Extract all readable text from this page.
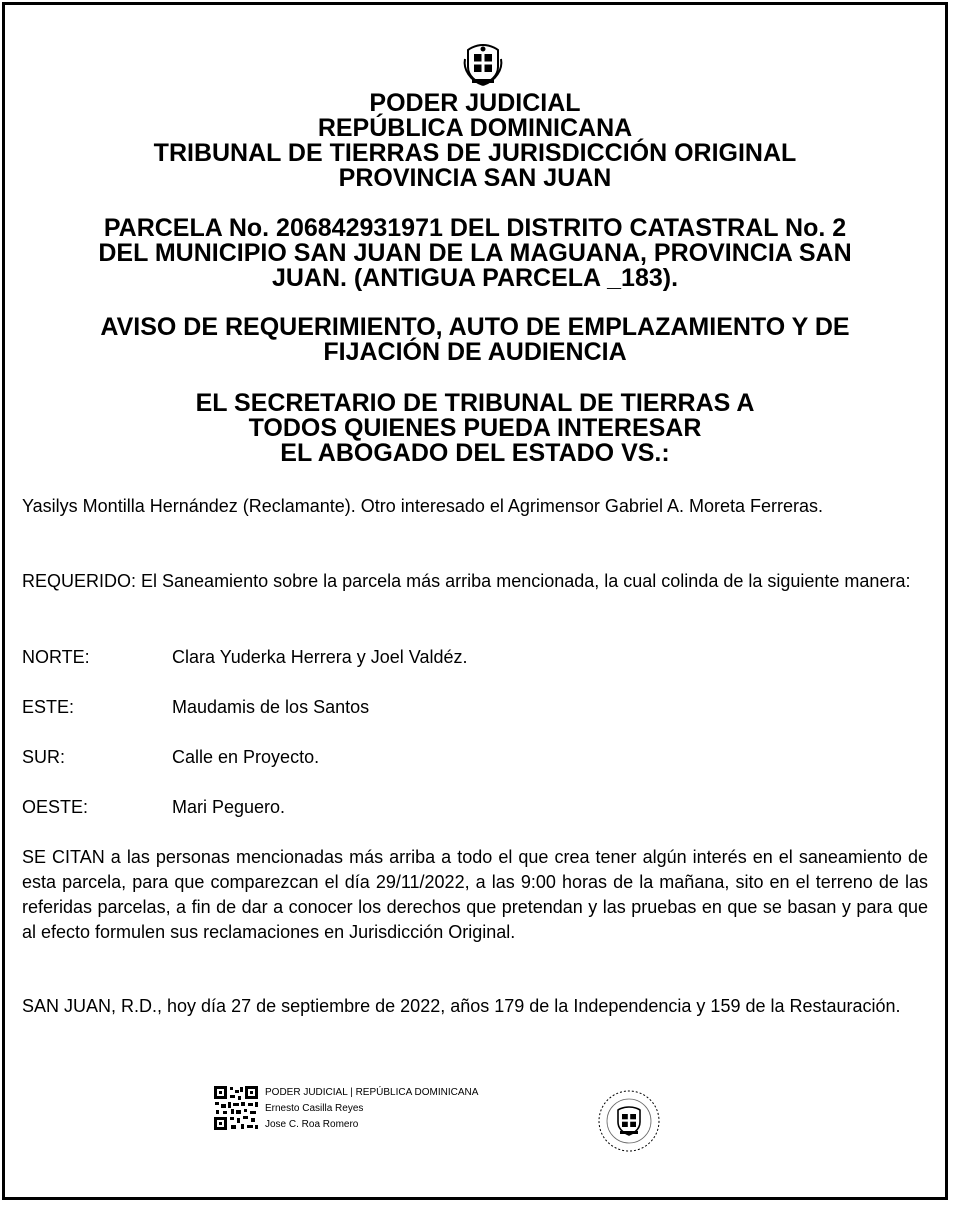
PODER JUDICIAL
REPÚBLICA DOMINICANA
TRIBUNAL DE TIERRAS DE JURISDICCIÓN ORIGINAL
PROVINCIA SAN JUAN
PARCELA No. 206842931971 DEL DISTRITO CATASTRAL No. 2
DEL MUNICIPIO SAN JUAN DE LA MAGUANA, PROVINCIA SAN
JUAN. (ANTIGUA PARCELA _183).
AVISO DE REQUERIMIENTO, AUTO DE EMPLAZAMIENTO Y DE
FIJACIÓN DE AUDIENCIA
EL SECRETARIO DE TRIBUNAL DE TIERRAS A
TODOS QUIENES PUEDA INTERESAR
EL ABOGADO DEL ESTADO VS.:
Yasilys Montilla Hernández (Reclamante). Otro interesado el Agrimensor Gabriel A. Moreta Ferreras.
REQUERIDO: El Saneamiento sobre la parcela más arriba mencionada, la cual colinda de la siguiente manera:
NORTE:	Clara Yuderka Herrera y Joel Valdéz.
ESTE:	Maudamis de los Santos
SUR:	Calle en Proyecto.
OESTE:	Mari Peguero.
SE CITAN a las personas mencionadas más arriba a todo el que crea tener algún interés en el saneamiento de esta parcela, para que comparezcan el día 29/11/2022, a las 9:00 horas de la mañana, sito en el terreno de las referidas parcelas, a fin de dar a conocer los derechos que pretendan y las pruebas en que se basan y para que al efecto formulen sus reclamaciones en Jurisdicción Original.
SAN JUAN, R.D., hoy día 27 de septiembre de 2022, años 179 de la Independencia y 159 de la Restauración.
PODER JUDICIAL | REPÚBLICA DOMINICANA
Ernesto Casilla Reyes
Jose C. Roa Romero
